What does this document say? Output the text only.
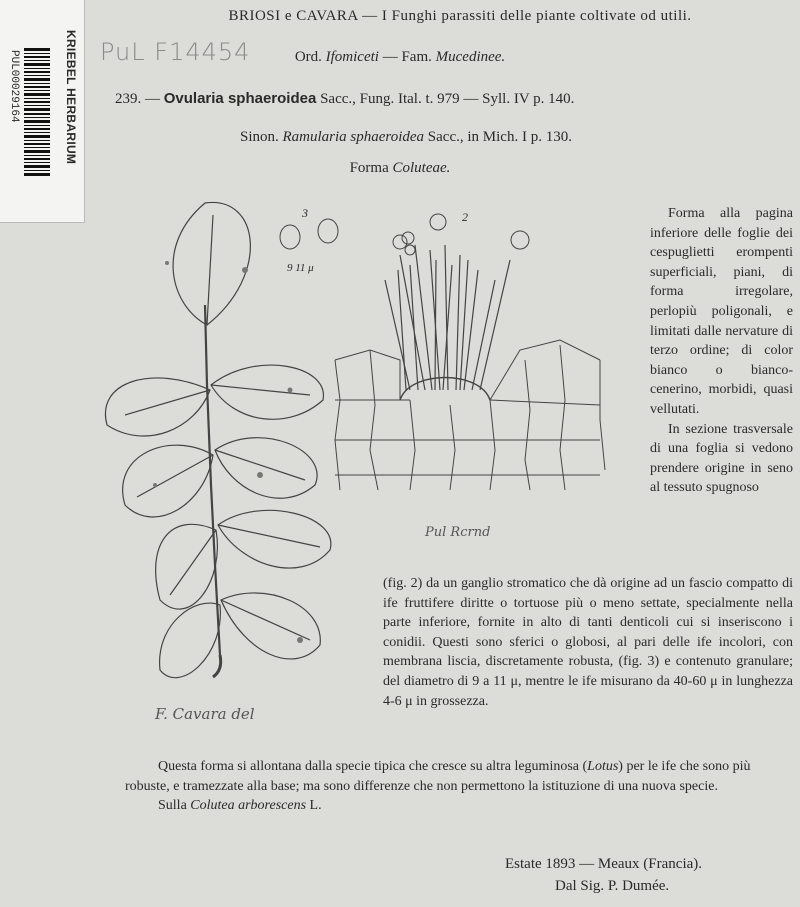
KRIEBEL HERBARIUM
PUL00029164	PuL F14454
BRIOSI e CAVARA — I Funghi parassiti delle piante coltivate od utili.
Ord. Ifomiceti — Fam. Mucedinee.
239. — Ovularia sphaeroidea Sacc., Fung. Ital. t. 979 — Syll. IV p. 140.
Sinon. Ramularia sphaeroidea Sacc., in Mich. I p. 130.
Forma Coluteae.
3	2
9 11 μ
F. Cavara del
Pul Rcrnd

Forma alla pagina inferiore delle foglie dei cespuglietti erompenti superficiali, piani, di forma irregolare, perlopiù poligonali, e limitati dalle nervature di terzo ordine; di color bianco o bianco-cenerino, morbidi, quasi vellutati.

In sezione trasversale di una foglia si vedono prendere origine in seno al tessuto spugnoso

(fig. 2) da un ganglio stromatico che dà origine ad un fascio compatto di ife fruttifere diritte o tortuose più o meno settate, specialmente nella parte inferiore, fornite in alto di tanti denticoli cui si inseriscono i conidii. Questi sono sferici o globosi, al pari delle ife incolori, con membrana liscia, discretamente robusta, (fig. 3) e contenuto granulare; del diametro di 9 a 11 μ, mentre le ife misurano da 40-60 μ in lunghezza 4-6 μ in grossezza.

Questa forma si allontana dalla specie tipica che cresce su altra leguminosa (Lotus) per le ife che sono più robuste, e tramezzate alla base; ma sono differenze che non permettono la istituzione di una nuova specie.

Sulla Colutea arborescens L.

Estate 1893 — Meaux (Francia).
Dal Sig. P. Dumée.
